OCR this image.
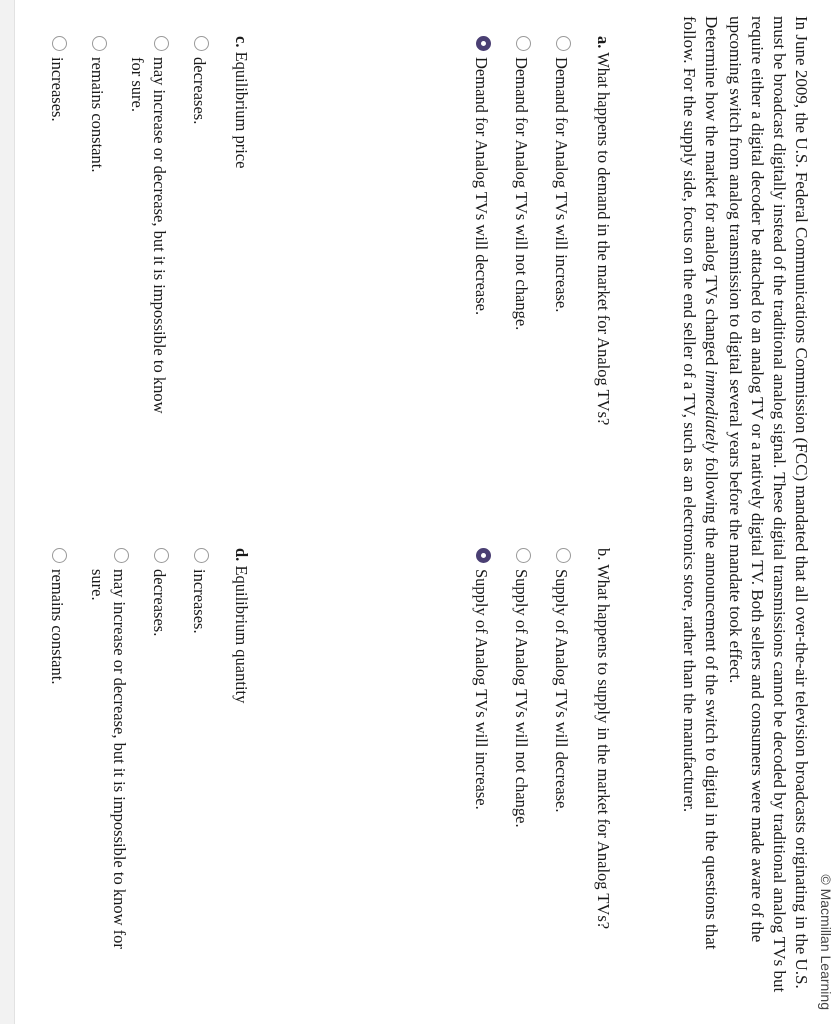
© Macmillan Learning

In June 2009, the U.S. Federal Communications Commission (FCC) mandated that all over-the-air television broadcasts originating in the U.S. must be broadcast digitally instead of the traditional analog signal. These digital transmissions cannot be decoded by traditional analog TVs but require either a digital decoder be attached to an analog TV or a natively digital TV. Both sellers and consumers were made aware of the upcoming switch from analog transmission to digital several years before the mandate took effect.

Determine how the market for analog TVs changed immediately following the announcement of the switch to digital in the questions that follow. For the supply side, focus on the end seller of a TV, such as an electronics store, rather than the manufacturer.

a. What happens to demand in the market for Analog TVs?
Demand for Analog TVs will increase.
Demand for Analog TVs will not change.
Demand for Analog TVs will decrease.
b. What happens to supply in the market for Analog TVs?
Supply of Analog TVs will decrease.
Supply of Analog TVs will not change.
Supply of Analog TVs will increase.
c. Equilibrium price
decreases.
may increase or decrease, but it is impossible to know for sure.
remains constant.
increases.
d. Equilibrium quantity
increases.
decreases.
may increase or decrease, but it is impossible to know for sure.
remains constant.
